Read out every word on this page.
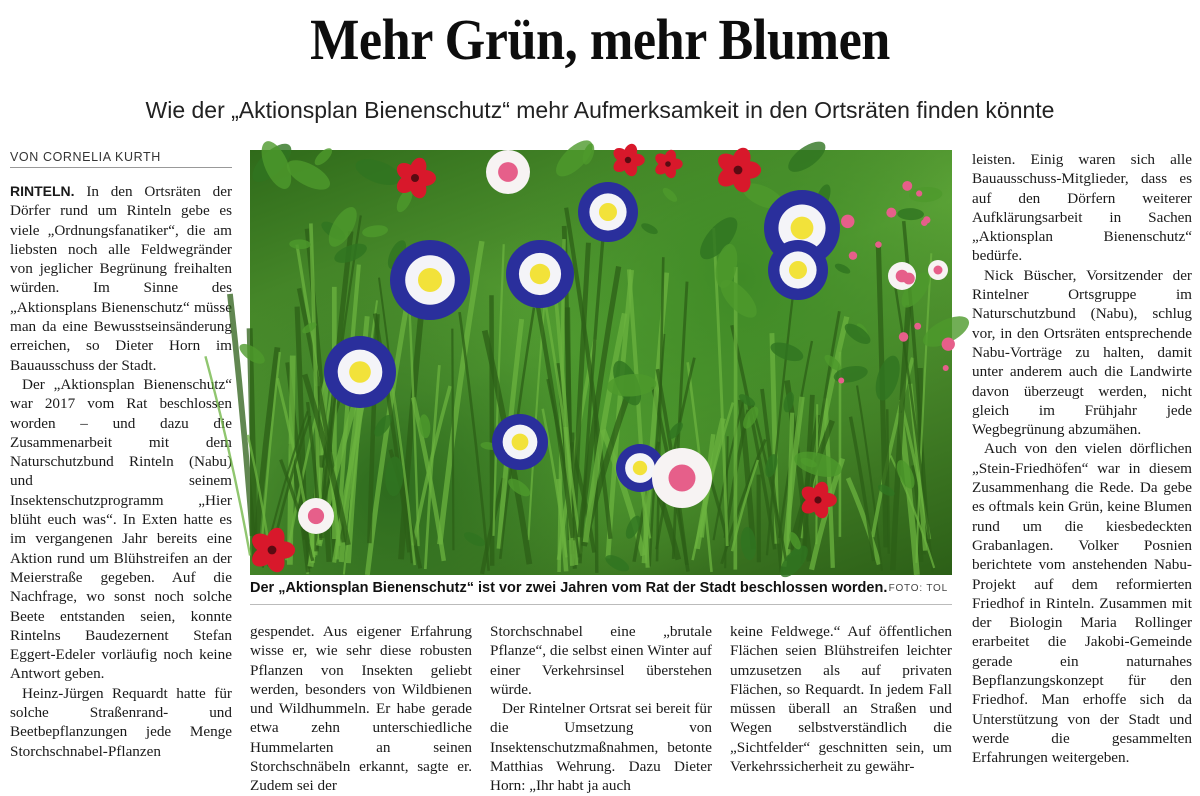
Mehr Grün, mehr Blumen
Wie der „Aktionsplan Bienenschutz“ mehr Aufmerksamkeit in den Ortsräten finden könnte
VON CORNELIA KURTH

RINTELN. In den Ortsräten der Dörfer rund um Rinteln gebe es viele „Ordnungsfanatiker“, die am liebsten noch alle Feldwegränder von jeglicher Begrünung freihalten würden. Im Sinne des „Aktionsplans Bienenschutz“ müsse man da eine Bewusstseinsänderung erreichen, so Dieter Horn im Bauausschuss der Stadt.

Der „Aktionsplan Bienenschutz“ war 2017 vom Rat beschlossen worden – und dazu die Zusammenarbeit mit dem Naturschutzbund Rinteln (Nabu) und seinem Insektenschutzprogramm „Hier blüht euch was“. In Exten hatte es im vergangenen Jahr bereits eine Aktion rund um Blühstreifen an der Meierstraße gegeben. Auf die Nachfrage, wo sonst noch solche Beete entstanden seien, konnte Rintelns Baudezernent Stefan Eggert-Edeler vorläufig noch keine Antwort geben.

Heinz-Jürgen Requardt hatte für solche Straßenrand- und Beetbepflanzungen jede Menge Storchschnabel-Pflanzen

Der „Aktionsplan Bienenschutz“ ist vor zwei Jahren vom Rat der Stadt beschlossen worden. FOTO: TOL

gespendet. Aus eigener Erfahrung wisse er, wie sehr diese robusten Pflanzen von Insekten geliebt werden, besonders von Wildbienen und Wildhummeln. Er habe gerade etwa zehn unterschiedliche Hummelarten an seinen Storchschnäbeln erkannt, sagte er. Zudem sei der

Storchschnabel eine „brutale Pflanze“, die selbst einen Winter auf einer Verkehrsinsel überstehen würde.

Der Rintelner Ortsrat sei bereit für die Umsetzung von Insektenschutzmaßnahmen, betonte Matthias Wehrung. Dazu Dieter Horn: „Ihr habt ja auch

keine Feldwege.“ Auf öffentlichen Flächen seien Blühstreifen leichter umzusetzen als auf privaten Flächen, so Requardt. In jedem Fall müssen überall an Straßen und Wegen selbstverständlich die „Sichtfelder“ geschnitten sein, um Verkehrssicherheit zu gewähr-

leisten. Einig waren sich alle Bauausschuss-Mitglieder, dass es auf den Dörfern weiterer Aufklärungsarbeit in Sachen „Aktionsplan Bienenschutz“ bedürfe.

Nick Büscher, Vorsitzender der Rintelner Ortsgruppe im Naturschutzbund (Nabu), schlug vor, in den Ortsräten entsprechende Nabu-Vorträge zu halten, damit unter anderem auch die Landwirte davon überzeugt werden, nicht gleich im Frühjahr jede Wegbegrünung abzumähen.

Auch von den vielen dörflichen „Stein-Friedhöfen“ war in diesem Zusammenhang die Rede. Da gebe es oftmals kein Grün, keine Blumen rund um die kiesbedeckten Grabanlagen. Volker Posnien berichtete vom anstehenden Nabu-Projekt auf dem reformierten Friedhof in Rinteln. Zusammen mit der Biologin Maria Rollinger erarbeitet die Jakobi-Gemeinde gerade ein naturnahes Bepflanzungskonzept für den Friedhof. Man erhoffe sich da Unterstützung von der Stadt und werde die gesammelten Erfahrungen weitergeben.
